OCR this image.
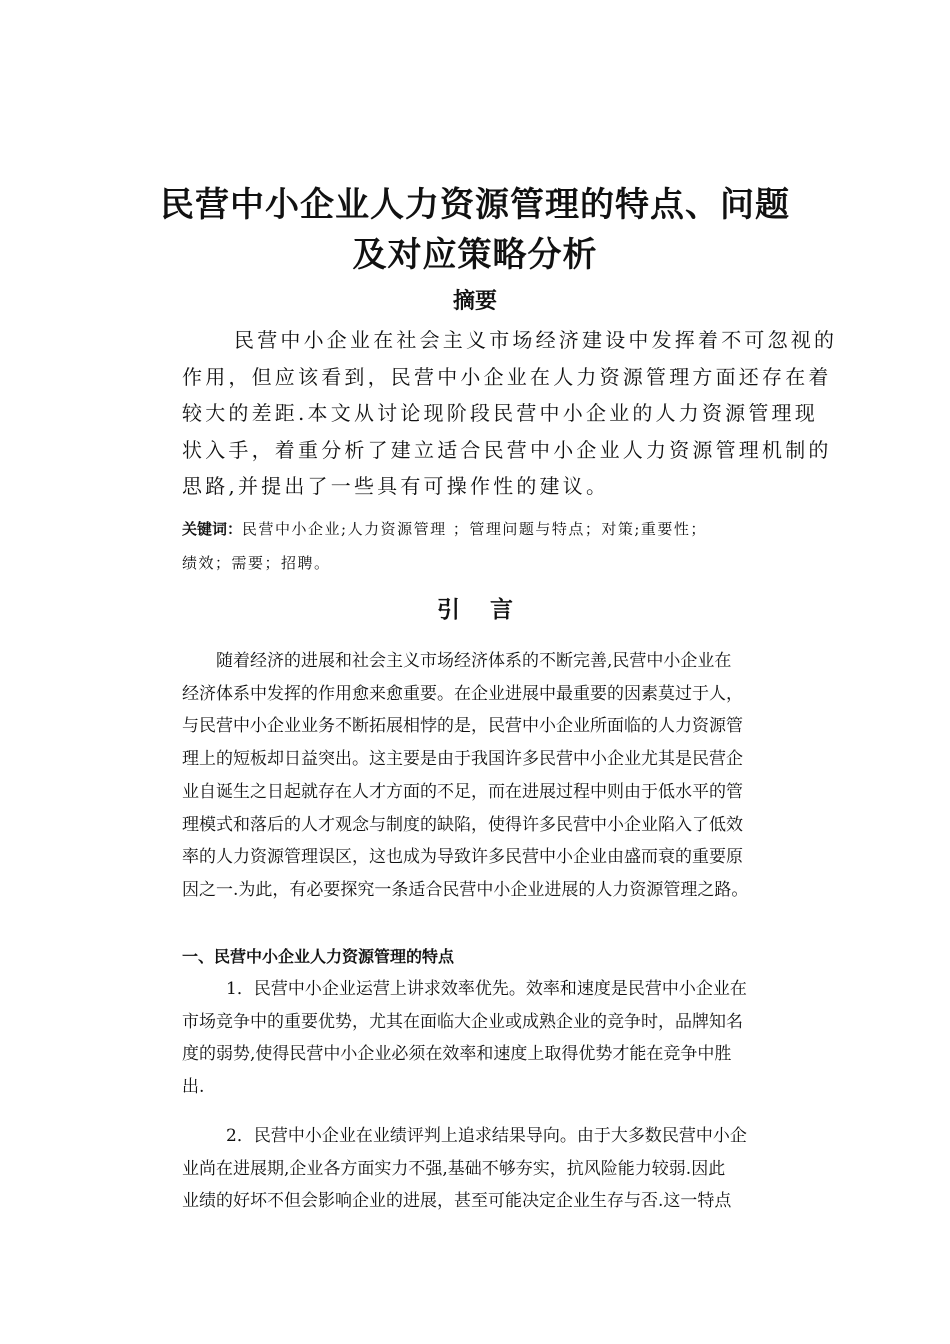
民营中小企业人力资源管理的特点、问题
及对应策略分析
摘要

民营中小企业在社会主义市场经济建设中发挥着不可忽视的
作用，但应该看到，民营中小企业在人力资源管理方面还存在着
较大的差距.本文从讨论现阶段民营中小企业的人力资源管理现
状入手，着重分析了建立适合民营中小企业人力资源管理机制的
思路,并提出了一些具有可操作性的建议。

关键词：民营中小企业;人力资源管理 ；管理问题与特点；对策;重要性；
绩效；需要；招聘。

引言

随着经济的进展和社会主义市场经济体系的不断完善,民营中小企业在
经济体系中发挥的作用愈来愈重要。在企业进展中最重要的因素莫过于人，
与民营中小企业业务不断拓展相悖的是，民营中小企业所面临的人力资源管
理上的短板却日益突出。这主要是由于我国许多民营中小企业尤其是民营企
业自诞生之日起就存在人才方面的不足，而在进展过程中则由于低水平的管
理模式和落后的人才观念与制度的缺陷，使得许多民营中小企业陷入了低效
率的人力资源管理误区，这也成为导致许多民营中小企业由盛而衰的重要原
因之一.为此，有必要探究一条适合民营中小企业进展的人力资源管理之路。

一、民营中小企业人力资源管理的特点

1．民营中小企业运营上讲求效率优先。效率和速度是民营中小企业在
市场竞争中的重要优势，尤其在面临大企业或成熟企业的竞争时，品牌知名
度的弱势,使得民营中小企业必须在效率和速度上取得优势才能在竞争中胜
出.

2．民营中小企业在业绩评判上追求结果导向。由于大多数民营中小企
业尚在进展期,企业各方面实力不强,基础不够夯实，抗风险能力较弱.因此
业绩的好坏不但会影响企业的进展，甚至可能决定企业生存与否.这一特点
